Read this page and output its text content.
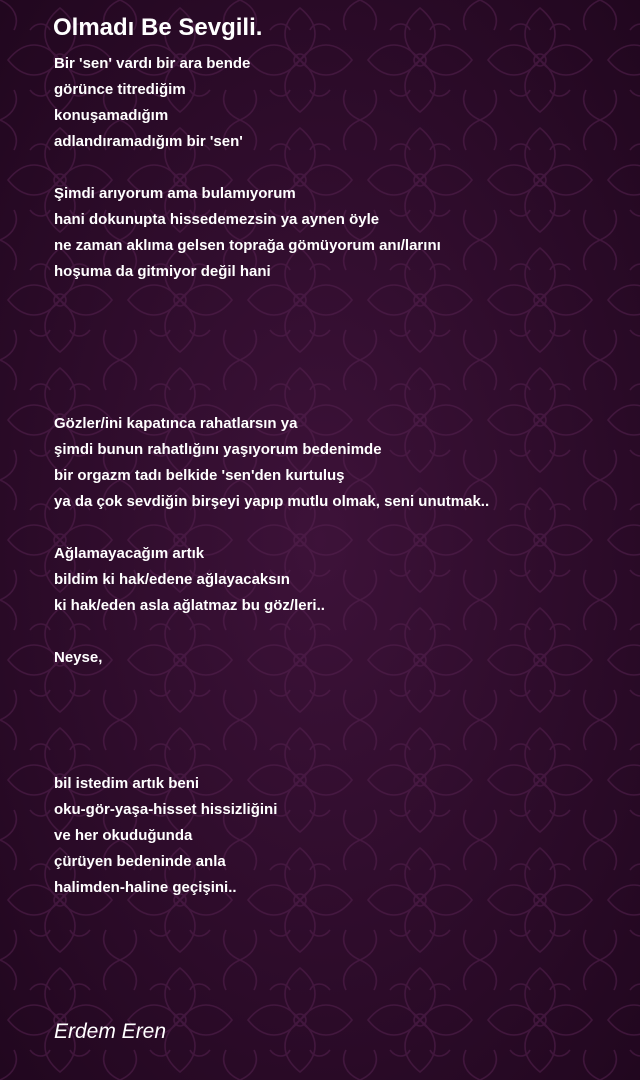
Olmadı Be Sevgili.
Bir 'sen' vardı bir ara bende
görünce titrediğim
konuşamadığım
adlandıramadığım bir 'sen'
Şimdi arıyorum ama bulamıyorum
hani dokunupta hissedemezsin ya aynen öyle
ne zaman aklıma gelsen toprağa gömüyorum anı/larını
hoşuma da gitmiyor değil hani
Gözler/ini kapatınca rahatlarsın ya
şimdi bunun rahatlığını yaşıyorum bedenimde
bir orgazm tadı belkide 'sen'den kurtuluş
ya da çok sevdiğin birşeyi yapıp mutlu olmak, seni unutmak..
Ağlamayacağım artık
bildim ki hak/edene ağlayacaksın
ki hak/eden asla ağlatmaz bu göz/leri..
Neyse,
bil istedim artık beni
oku-gör-yaşa-hisset hissizliğini
ve her okuduğunda
çürüyen bedeninde anla
halimden-haline geçişini..
Erdem Eren
